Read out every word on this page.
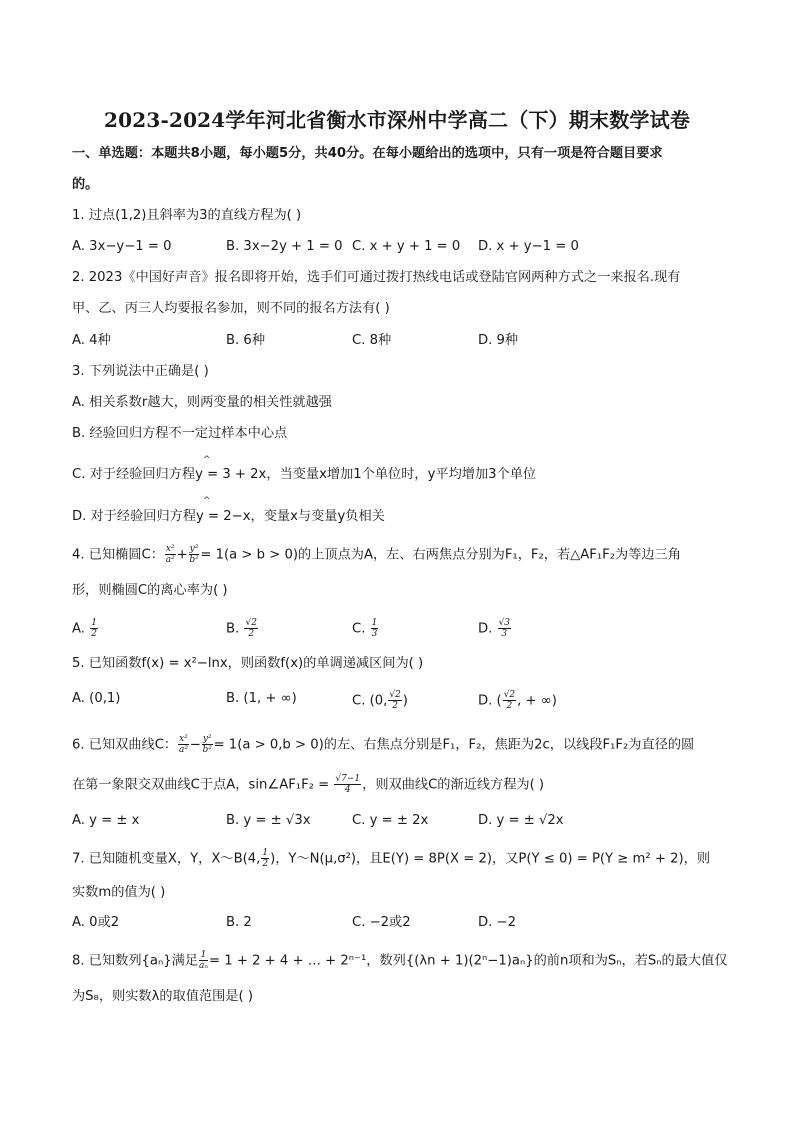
2023-2024学年河北省衡水市深州中学高二（下）期末数学试卷
一、单选题：本题共8小题，每小题5分，共40分。在每小题给出的选项中，只有一项是符合题目要求
的。
1. 过点(1,2)且斜率为3的直线方程为( )
A. 3x−y−1 = 0	B. 3x−2y + 1 = 0 C. x + y + 1 = 0 D. x + y−1 = 0
2. 2023《中国好声音》报名即将开始，选手们可通过拨打热线电话或登陆官网两种方式之一来报名.现有
甲、乙、丙三人均要报名参加，则不同的报名方法有( )
A. 4种	B. 6种	C. 8种	D. 9种
3. 下列说法中正确是( )
A. 相关系数r越大，则两变量的相关性就越强
B. 经验回归方程不一定过样本中心点
^
C. 对于经验回归方程y = 3 + 2x，当变量x增加1个单位时，y平均增加3个单位
^
D. 对于经验回归方程y = 2−x，变量x与变量y负相关
4. 已知椭圆C： $\frac{\text{x²}}{\text{a²}} + \frac{\text{y²}}{\text{b²}} = 1(a > b > 0)$的上顶点为A，左、右两焦点分别为F₁，F₂，若△AF₁F₂为等边三角
形，则椭圆C的离心率为( )
A. $\frac{1}{2}$	B. $\frac{√2}{2}$	C. $\frac{1}{3}$	D. $\frac{√3}{3}$
5. 已知函数f(x) = x²−lnx，则函数f(x)的单调递减区间为( )
A. (0,1)	B. (1, + ∞)	C. (0, $\frac{√2}{2}$ )	D. ( $\frac{√2}{2}$ , + ∞)
6. 已知双曲线C： $\frac{\text{x²}}{\text{a²}} - \frac{\text{y²}}{\text{b²}} = 1(a > 0,b > 0)$的左、右焦点分别是F₁，F₂，焦距为2c，以线段F₁F₂为直径的圆
在第一象限交双曲线C于点A，sin∠AF₁F₂ = $\frac{√7-1}{4}$ ，则双曲线C的渐近线方程为( )
A. y = ± x	B. y = ± √3x	C. y = ± 2x	D. y = ± √2x
7. 已知随机变量X，Y，X～B(4, $\frac{1}{2}$ )，Y～N(μ,σ²)，且E(Y) = 8P(X = 2)，又P(Y ≤ 0) = P(Y ≥ m² + 2)，则
实数m的值为( )
A. 0或2	B. 2	C. −2或2	D. −2
8. 已知数列{aₙ}满足 $\frac{1}{\text{aₙ}} = 1 + 2 + 4$ + … + 2ⁿ⁻¹，数列{(λn + 1)(2ⁿ−1)aₙ}的前n项和为Sₙ，若Sₙ的最大值仅
为S₈，则实数λ的取值范围是( )
